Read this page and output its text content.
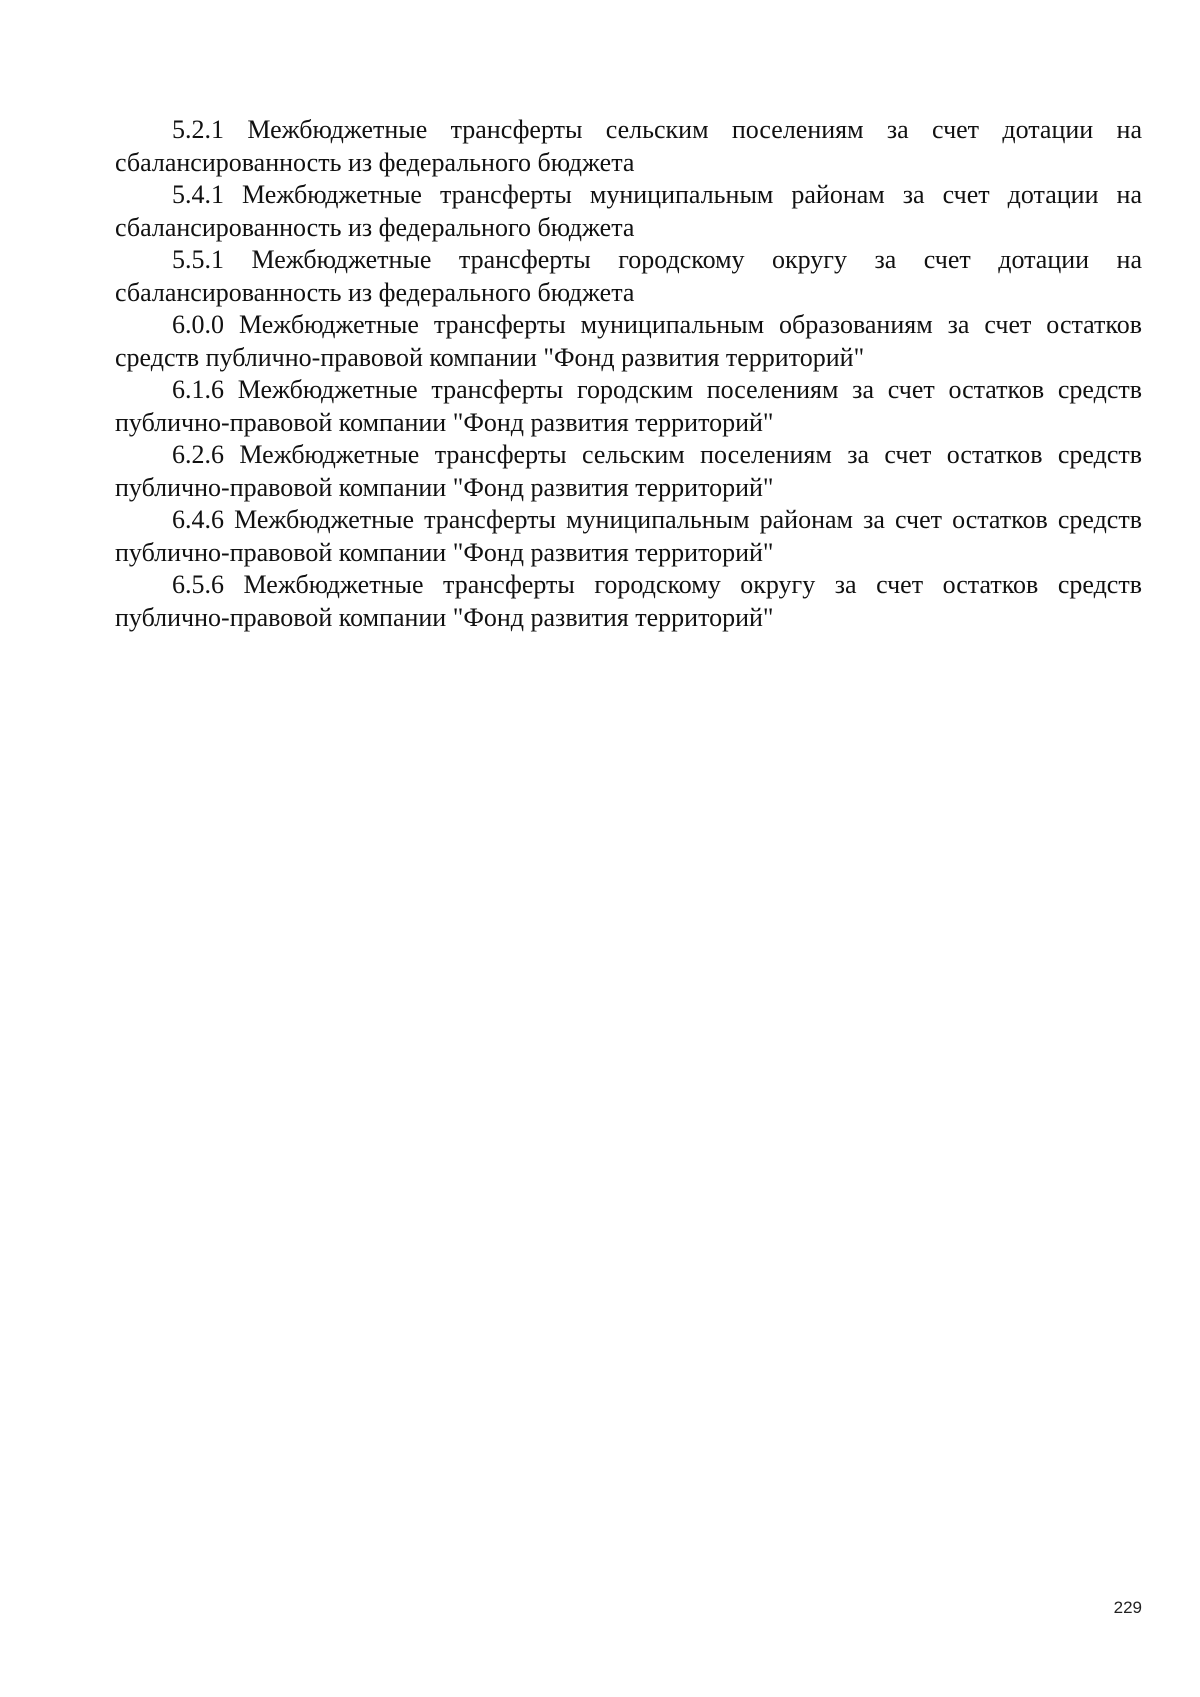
5.2.1 Межбюджетные трансферты сельским поселениям за счет дотации на сбалансированность из федерального бюджета

5.4.1 Межбюджетные трансферты муниципальным районам за счет дотации на сбалансированность из федерального бюджета

5.5.1 Межбюджетные трансферты городскому округу за счет дотации на сбалансированность из федерального бюджета

6.0.0 Межбюджетные трансферты муниципальным образованиям за счет остатков средств публично-правовой компании "Фонд развития территорий"

6.1.6 Межбюджетные трансферты городским поселениям за счет остатков средств публично-правовой компании "Фонд развития территорий"

6.2.6 Межбюджетные трансферты сельским поселениям за счет остатков средств публично-правовой компании "Фонд развития территорий"

6.4.6 Межбюджетные трансферты муниципальным районам за счет остатков средств публично-правовой компании "Фонд развития территорий"

6.5.6 Межбюджетные трансферты городскому округу за счет остатков средств публично-правовой компании "Фонд развития территорий"

229
